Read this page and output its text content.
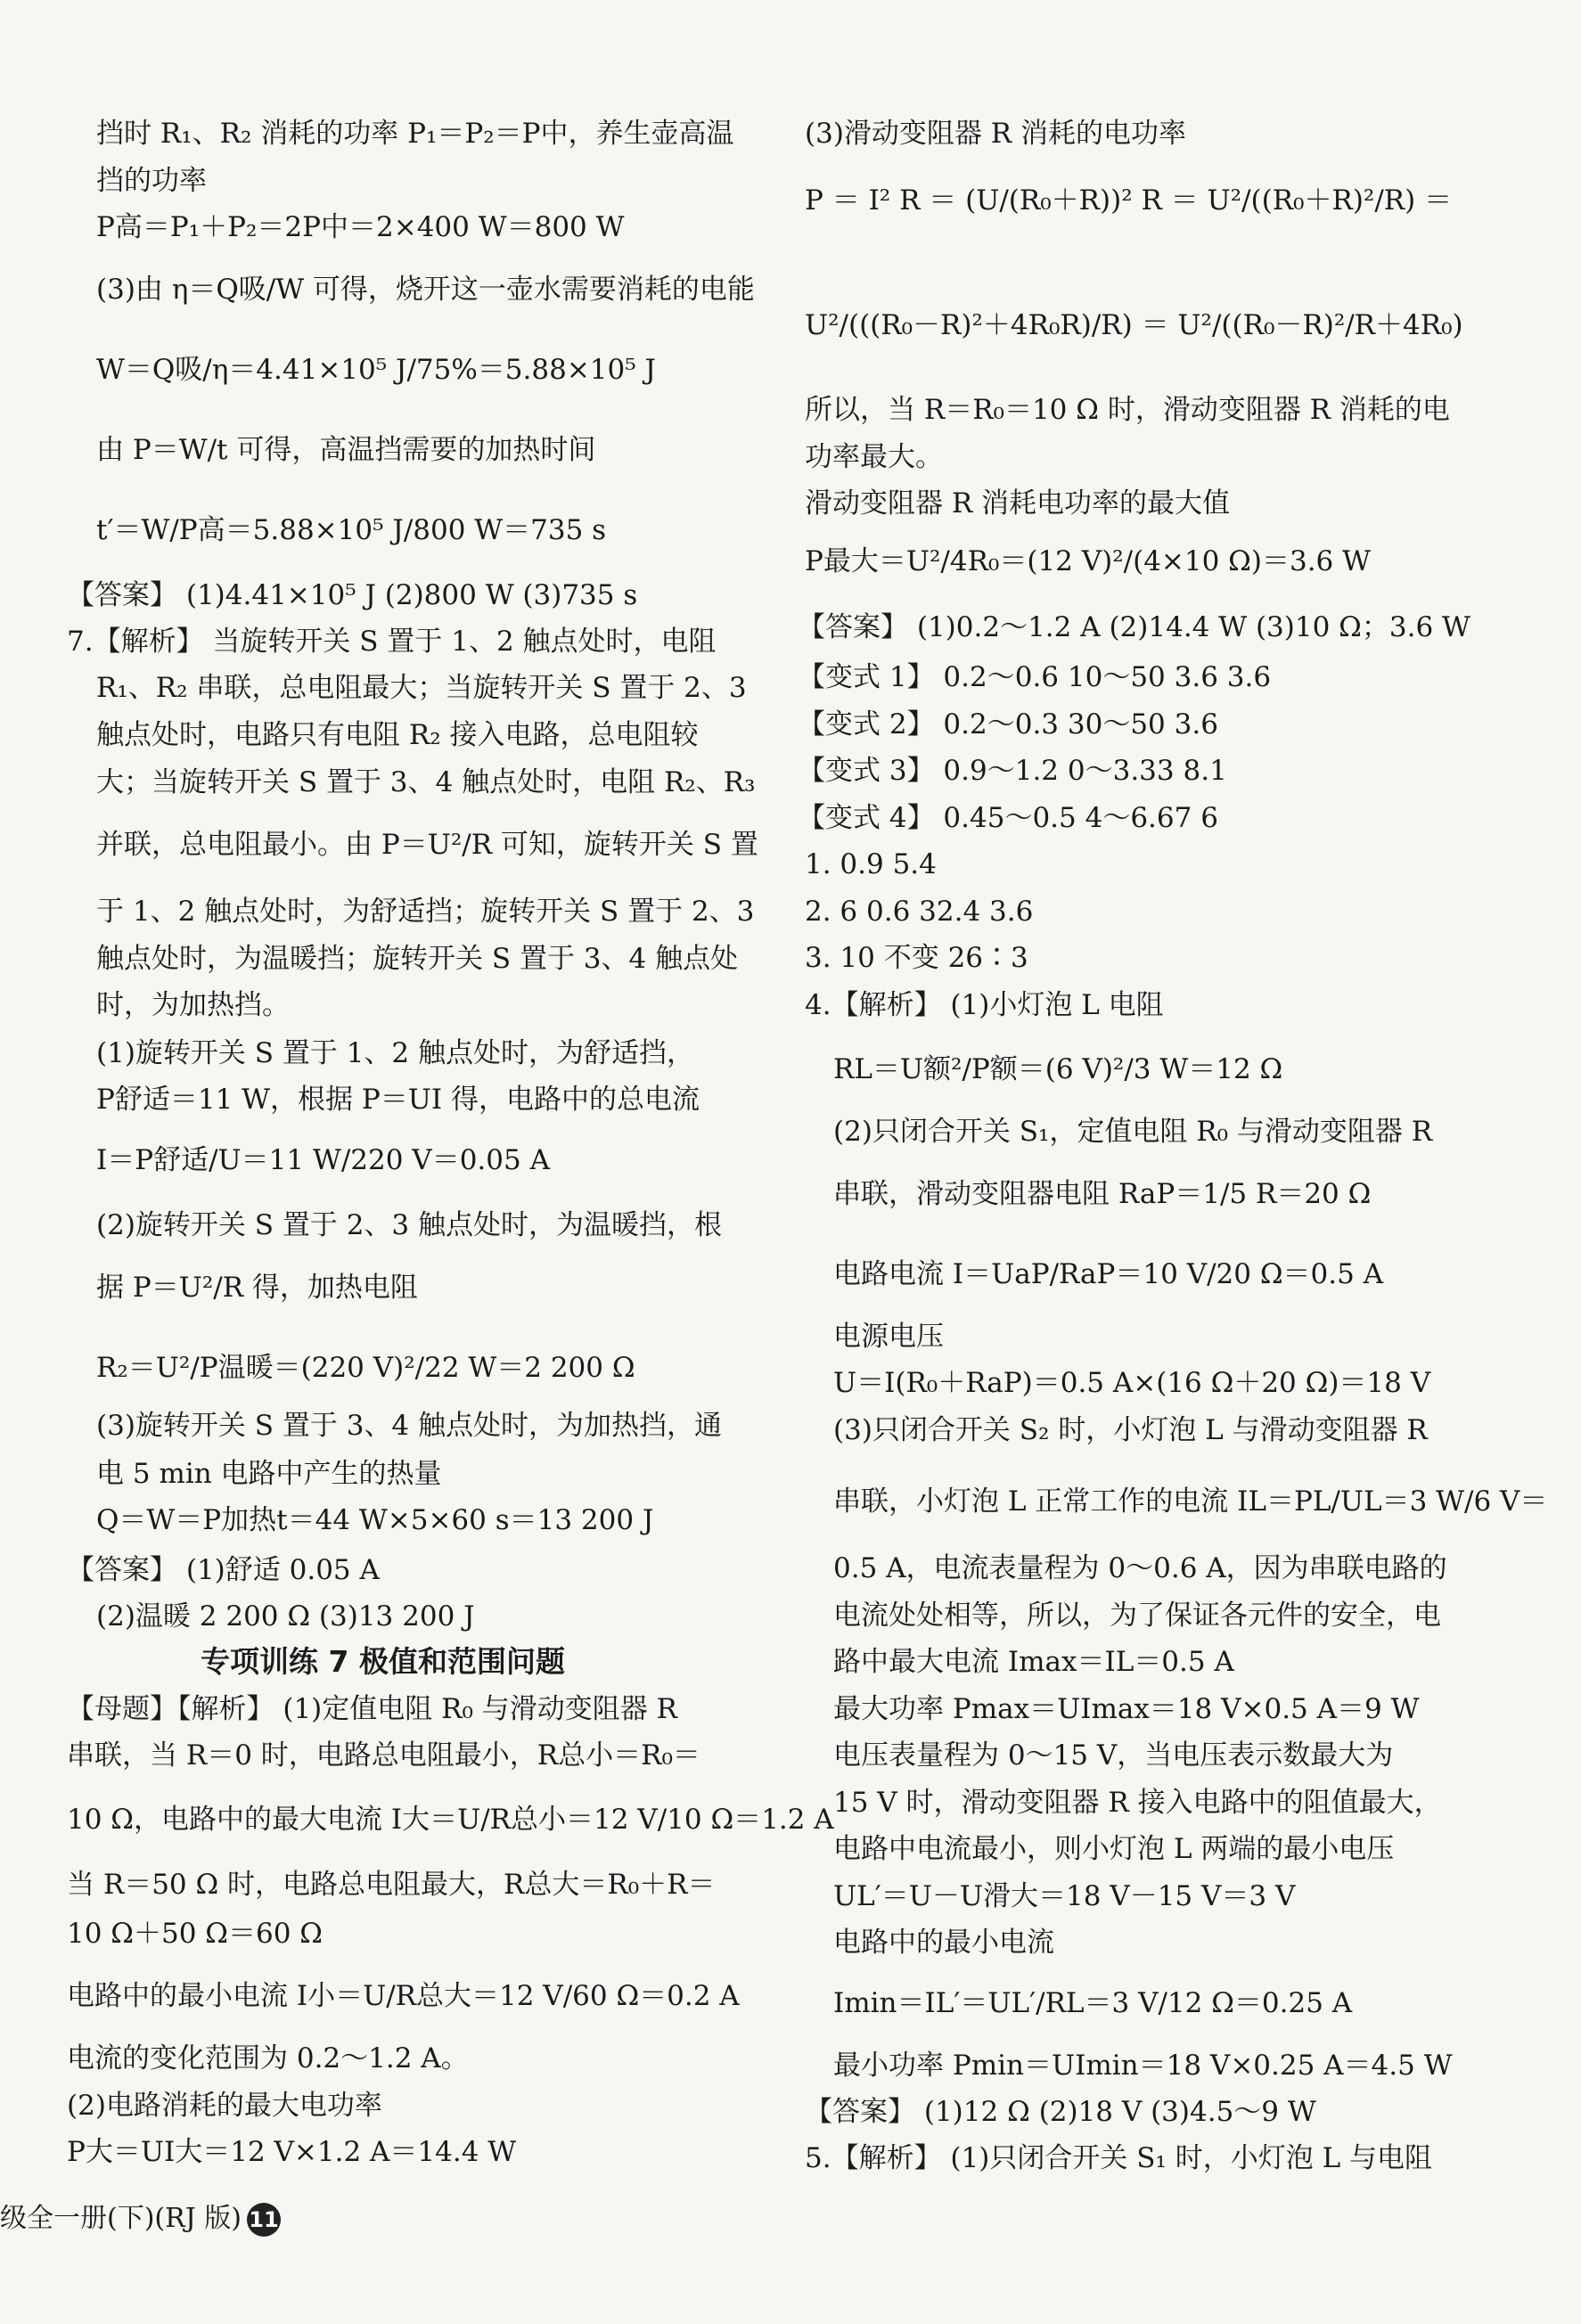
挡时 R₁、R₂ 消耗的功率 P₁＝P₂＝P中，养生壶高温
挡的功率
P高＝P₁＋P₂＝2P中＝2×400 W＝800 W
(3)由 η＝Q吸/W 可得，烧开这一壶水需要消耗的电能
W＝Q吸/η＝4.41×10⁵ J/75%＝5.88×10⁵ J
由 P＝W/t 可得，高温挡需要的加热时间
t′＝W/P高＝5.88×10⁵ J/800 W＝735 s
【答案】 (1)4.41×10⁵ J (2)800 W (3)735 s
7.【解析】 当旋转开关 S 置于 1、2 触点处时，电阻
R₁、R₂ 串联，总电阻最大；当旋转开关 S 置于 2、3
触点处时，电路只有电阻 R₂ 接入电路，总电阻较
大；当旋转开关 S 置于 3、4 触点处时，电阻 R₂、R₃
并联，总电阻最小。由 P＝U²/R 可知，旋转开关 S 置
于 1、2 触点处时，为舒适挡；旋转开关 S 置于 2、3
触点处时，为温暖挡；旋转开关 S 置于 3、4 触点处
时，为加热挡。
(1)旋转开关 S 置于 1、2 触点处时，为舒适挡，
P舒适＝11 W，根据 P＝UI 得，电路中的总电流
I＝P舒适/U＝11 W/220 V＝0.05 A
(2)旋转开关 S 置于 2、3 触点处时，为温暖挡，根
据 P＝U²/R 得，加热电阻
R₂＝U²/P温暖＝(220 V)²/22 W＝2 200 Ω
(3)旋转开关 S 置于 3、4 触点处时，为加热挡，通
电 5 min 电路中产生的热量
Q＝W＝P加热t＝44 W×5×60 s＝13 200 J
【答案】 (1)舒适 0.05 A
(2)温暖 2 200 Ω (3)13 200 J
专项训练 7 极值和范围问题
【母题】【解析】 (1)定值电阻 R₀ 与滑动变阻器 R
串联，当 R＝0 时，电路总电阻最小，R总小＝R₀＝
10 Ω，电路中的最大电流 I大＝U/R总小＝12 V/10 Ω＝1.2 A
当 R＝50 Ω 时，电路总电阻最大，R总大＝R₀＋R＝
10 Ω＋50 Ω＝60 Ω
电路中的最小电流 I小＝U/R总大＝12 V/60 Ω＝0.2 A
电流的变化范围为 0.2～1.2 A。
(2)电路消耗的最大电功率
P大＝UI大＝12 V×1.2 A＝14.4 W
(3)滑动变阻器 R 消耗的电功率
P ＝ I² R ＝ (U/(R₀＋R))² R ＝ U²/((R₀＋R)²/R) ＝
U²/(((R₀－R)²＋4R₀R)/R) ＝ U²/((R₀－R)²/R＋4R₀)
所以，当 R＝R₀＝10 Ω 时，滑动变阻器 R 消耗的电
功率最大。
滑动变阻器 R 消耗电功率的最大值
P最大＝U²/4R₀＝(12 V)²/(4×10 Ω)＝3.6 W
【答案】 (1)0.2～1.2 A (2)14.4 W (3)10 Ω；3.6 W
【变式 1】 0.2～0.6 10～50 3.6 3.6
【变式 2】 0.2～0.3 30～50 3.6
【变式 3】 0.9～1.2 0～3.33 8.1
【变式 4】 0.45～0.5 4～6.67 6
1. 0.9 5.4
2. 6 0.6 32.4 3.6
3. 10 不变 26∶3
4.【解析】 (1)小灯泡 L 电阻
RL＝U额²/P额＝(6 V)²/3 W＝12 Ω
(2)只闭合开关 S₁，定值电阻 R₀ 与滑动变阻器 R
串联，滑动变阻器电阻 RaP＝1/5 R＝20 Ω
电路电流 I＝UaP/RaP＝10 V/20 Ω＝0.5 A
电源电压
U＝I(R₀＋RaP)＝0.5 A×(16 Ω＋20 Ω)＝18 V
(3)只闭合开关 S₂ 时，小灯泡 L 与滑动变阻器 R
串联，小灯泡 L 正常工作的电流 IL＝PL/UL＝3 W/6 V＝
0.5 A，电流表量程为 0～0.6 A，因为串联电路的
电流处处相等，所以，为了保证各元件的安全，电
路中最大电流 Imax＝IL＝0.5 A
最大功率 Pmax＝UImax＝18 V×0.5 A＝9 W
电压表量程为 0～15 V，当电压表示数最大为
15 V 时，滑动变阻器 R 接入电路中的阻值最大，
电路中电流最小，则小灯泡 L 两端的最小电压
UL′＝U－U滑大＝18 V－15 V＝3 V
电路中的最小电流
Imin＝IL′＝UL′/RL＝3 V/12 Ω＝0.25 A
最小功率 Pmin＝UImin＝18 V×0.25 A＝4.5 W
【答案】 (1)12 Ω (2)18 V (3)4.5～9 W
5.【解析】 (1)只闭合开关 S₁ 时，小灯泡 L 与电阻
级全一册(下)(RJ 版) 11
